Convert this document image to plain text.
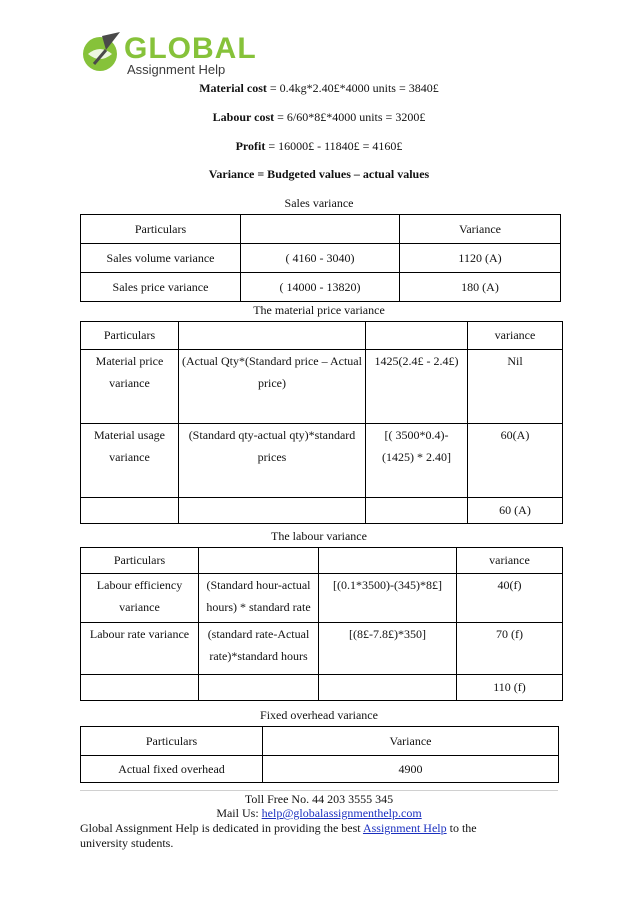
GLOBAL
Assignment Help
Material cost = 0.4kg*2.40£*4000 units = 3840£
Labour cost = 6/60*8£*4000 units = 3200£
Profit = 16000£ - 11840£ = 4160£
Variance = Budgeted values – actual values
Sales variance
Particulars		Variance
Sales volume variance	( 4160 - 3040)	1120 (A)
Sales price variance	( 14000 - 13820)	180 (A)
The material price variance
Particulars			variance
Material price variance	(Actual Qty*(Standard price – Actual price)	1425(2.4£ - 2.4£)	Nil
Material usage variance	(Standard qty-actual qty)*standard prices	[( 3500*0.4)-(1425) * 2.40]	60(A)
			60 (A)
The labour variance
Particulars			variance
Labour efficiency variance	(Standard hour-actual hours) * standard rate	[(0.1*3500)-(345)*8£]	40(f)
Labour rate variance	(standard rate-Actual rate)*standard hours	[(8£-7.8£)*350]	70 (f)
			110 (f)
Fixed overhead variance
Particulars	Variance
Actual fixed overhead	4900
Toll Free No. 44 203 3555 345
Mail Us: help@globalassignmenthelp.com
Global Assignment Help is dedicated in providing the best Assignment Help to the
university students.
